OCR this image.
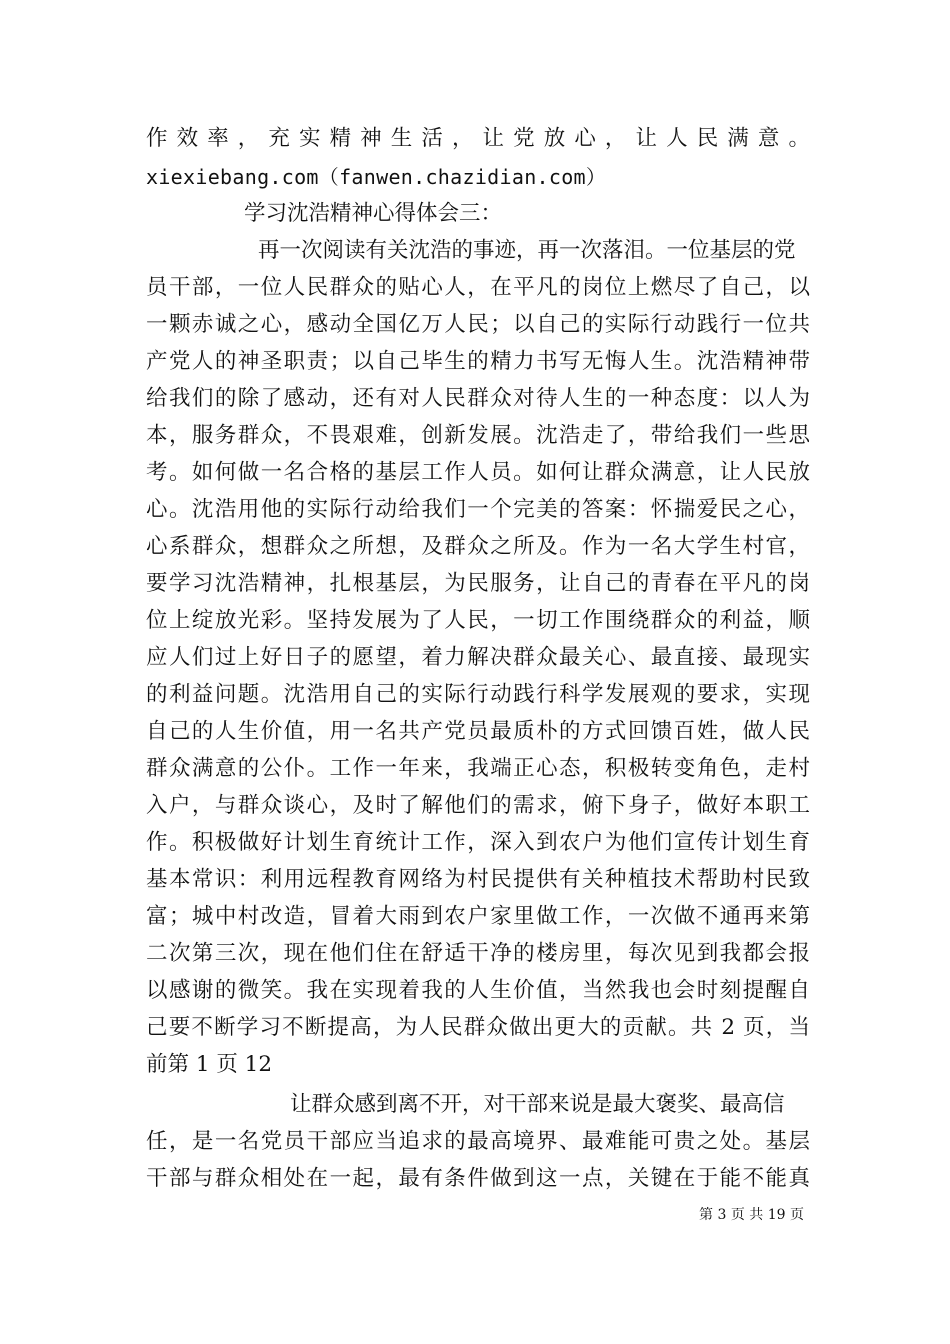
作效率，充实精神生活，让党放心，让人民满意。
xiexiebang.com（fanwen.chazidian.com）
学习沈浩精神心得体会三：
再一次阅读有关沈浩的事迹，再一次落泪。一位基层的党
员干部，一位人民群众的贴心人，在平凡的岗位上燃尽了自己，以
一颗赤诚之心，感动全国亿万人民；以自己的实际行动践行一位共
产党人的神圣职责；以自己毕生的精力书写无悔人生。沈浩精神带
给我们的除了感动，还有对人民群众对待人生的一种态度：以人为
本，服务群众，不畏艰难，创新发展。沈浩走了，带给我们一些思
考。如何做一名合格的基层工作人员。如何让群众满意，让人民放
心。沈浩用他的实际行动给我们一个完美的答案：怀揣爱民之心，
心系群众，想群众之所想，及群众之所及。作为一名大学生村官，
要学习沈浩精神，扎根基层，为民服务，让自己的青春在平凡的岗
位上绽放光彩。坚持发展为了人民，一切工作围绕群众的利益，顺
应人们过上好日子的愿望，着力解决群众最关心、最直接、最现实
的利益问题。沈浩用自己的实际行动践行科学发展观的要求，实现
自己的人生价值，用一名共产党员最质朴的方式回馈百姓，做人民
群众满意的公仆。工作一年来，我端正心态，积极转变角色，走村
入户，与群众谈心，及时了解他们的需求，俯下身子，做好本职工
作。积极做好计划生育统计工作，深入到农户为他们宣传计划生育
基本常识：利用远程教育网络为村民提供有关种植技术帮助村民致
富；城中村改造，冒着大雨到农户家里做工作，一次做不通再来第
二次第三次，现在他们住在舒适干净的楼房里，每次见到我都会报
以感谢的微笑。我在实现着我的人生价值，当然我也会时刻提醒自
己要不断学习不断提高，为人民群众做出更大的贡献。共 2 页，当
前第 1 页 12
让群众感到离不开，对干部来说是最大褒奖、最高信
任，是一名党员干部应当追求的最高境界、最难能可贵之处。基层
干部与群众相处在一起，最有条件做到这一点，关键在于能不能真
第 3 页 共 19 页
